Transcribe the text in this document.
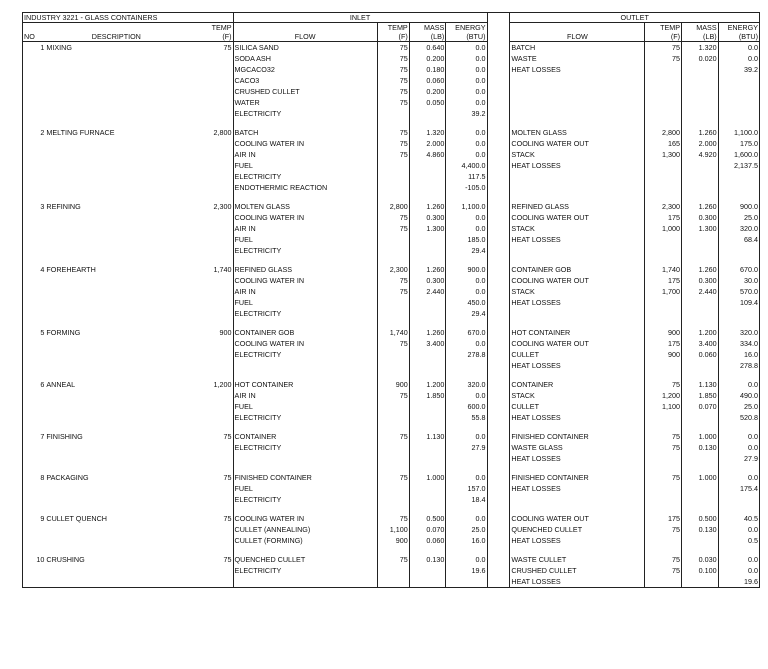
INDUSTRY 3221 - GLASS CONTAINERS			INLET					OUTLET			
		TEMP		TEMP	MASS	ENERGY			TEMP	MASS	ENERGY
NO	DESCRIPTION	(F)	FLOW	(F)	(LB)	(BTU)		FLOW	(F)	(LB)	(BTU)
1	MIXING	75	SILICA SAND	75	0.640	0.0		BATCH	75	1.320	0.0
			SODA ASH	75	0.200	0.0		WASTE	75	0.020	0.0
			MGCACO32	75	0.180	0.0		HEAT LOSSES			39.2
			CACO3	75	0.060	0.0					
			CRUSHED CULLET	75	0.200	0.0					
			WATER	75	0.050	0.0					
			ELECTRICITY			39.2					

2	MELTING FURNACE	2,800	BATCH	75	1.320	0.0		MOLTEN GLASS	2,800	1.260	1,100.0
			COOLING WATER IN	75	2.000	0.0		COOLING WATER OUT	165	2.000	175.0
			AIR IN	75	4.860	0.0		STACK	1,300	4.920	1,600.0
			FUEL			4,400.0		HEAT LOSSES			2,137.5
			ELECTRICITY			117.5					
			ENDOTHERMIC REACTION			-105.0					

3	REFINING	2,300	MOLTEN GLASS	2,800	1.260	1,100.0		REFINED GLASS	2,300	1.260	900.0
			COOLING WATER IN	75	0.300	0.0		COOLING WATER OUT	175	0.300	25.0
			AIR IN	75	1.300	0.0		STACK	1,000	1.300	320.0
			FUEL			185.0		HEAT LOSSES			68.4
			ELECTRICITY			29.4					

4	FOREHEARTH	1,740	REFINED GLASS	2,300	1.260	900.0		CONTAINER GOB	1,740	1.260	670.0
			COOLING WATER IN	75	0.300	0.0		COOLING WATER OUT	175	0.300	30.0
			AIR IN	75	2.440	0.0		STACK	1,700	2.440	570.0
			FUEL			450.0		HEAT LOSSES			109.4
			ELECTRICITY			29.4					

5	FORMING	900	CONTAINER GOB	1,740	1.260	670.0		HOT CONTAINER	900	1.200	320.0
			COOLING WATER IN	75	3.400	0.0		COOLING WATER OUT	175	3.400	334.0
			ELECTRICITY			278.8		CULLET	900	0.060	16.0
								HEAT LOSSES			278.8

6	ANNEAL	1,200	HOT CONTAINER	900	1.200	320.0		CONTAINER	75	1.130	0.0
			AIR IN	75	1.850	0.0		STACK	1,200	1.850	490.0
			FUEL			600.0		CULLET	1,100	0.070	25.0
			ELECTRICITY			55.8		HEAT LOSSES			520.8

7	FINISHING	75	CONTAINER	75	1.130	0.0		FINISHED CONTAINER	75	1.000	0.0
			ELECTRICITY			27.9		WASTE GLASS	75	0.130	0.0
								HEAT LOSSES			27.9

8	PACKAGING	75	FINISHED CONTAINER	75	1.000	0.0		FINISHED CONTAINER	75	1.000	0.0
			FUEL			157.0		HEAT LOSSES			175.4
			ELECTRICITY			18.4					

9	CULLET QUENCH	75	COOLING WATER IN	75	0.500	0.0		COOLING WATER OUT	175	0.500	40.5
			CULLET (ANNEALING)	1,100	0.070	25.0		QUENCHED CULLET	75	0.130	0.0
			CULLET (FORMING)	900	0.060	16.0		HEAT LOSSES			0.5

10	CRUSHING	75	QUENCHED CULLET	75	0.130	0.0		WASTE CULLET	75	0.030	0.0
			ELECTRICITY			19.6		CRUSHED CULLET	75	0.100	0.0
								HEAT LOSSES			19.6
